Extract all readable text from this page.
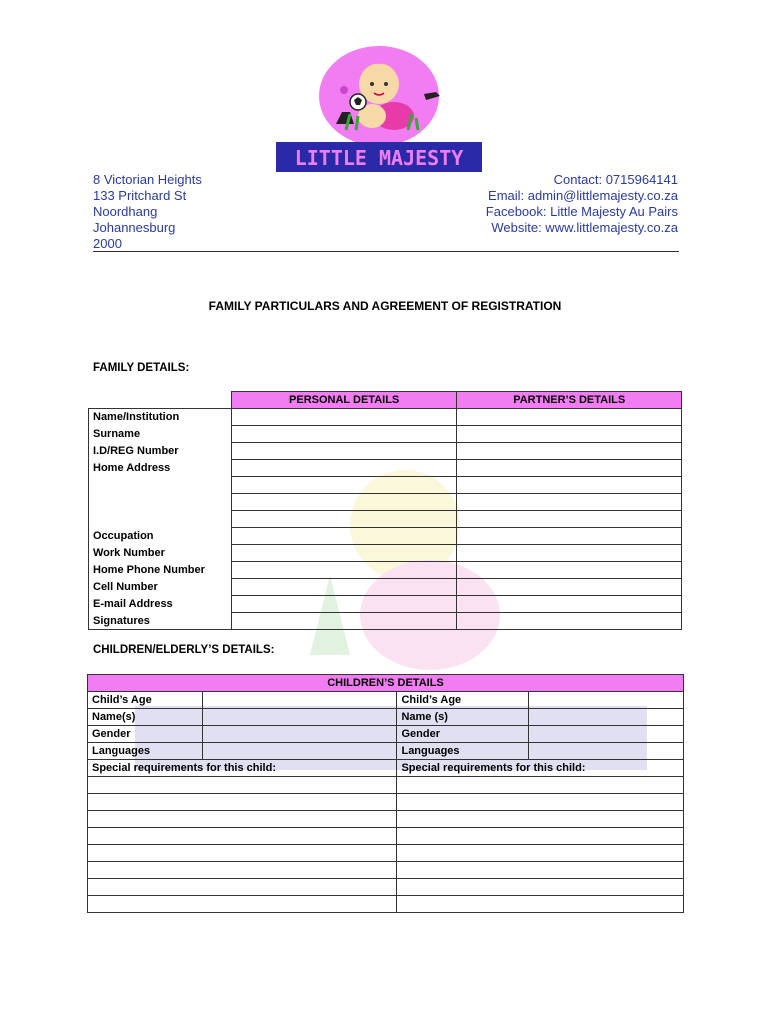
LITTLE MAJESTY
8 Victorian Heights
133 Pritchard St
Noordhang
Johannesburg
2000
Contact: 0715964141
Email: admin@littlemajesty.co.za
Facebook: Little Majesty Au Pairs
Website: www.littlemajesty.co.za
FAMILY PARTICULARS AND AGREEMENT OF REGISTRATION
FAMILY DETAILS:
	PERSONAL DETAILS	PARTNER’S DETAILS
Name/Institution		
Surname		
I.D/REG Number		
Home Address		

Occupation		
Work Number		
Home Phone Number		
Cell Number		
E-mail Address		
Signatures		
CHILDREN/ELDERLY’S DETAILS:
CHILDREN’S DETAILS			
Child’s Age		Child’s Age	
Name(s)		Name (s)	
Gender		Gender	
Languages		Languages	
Special requirements for this child:		Special requirements for this child:	
